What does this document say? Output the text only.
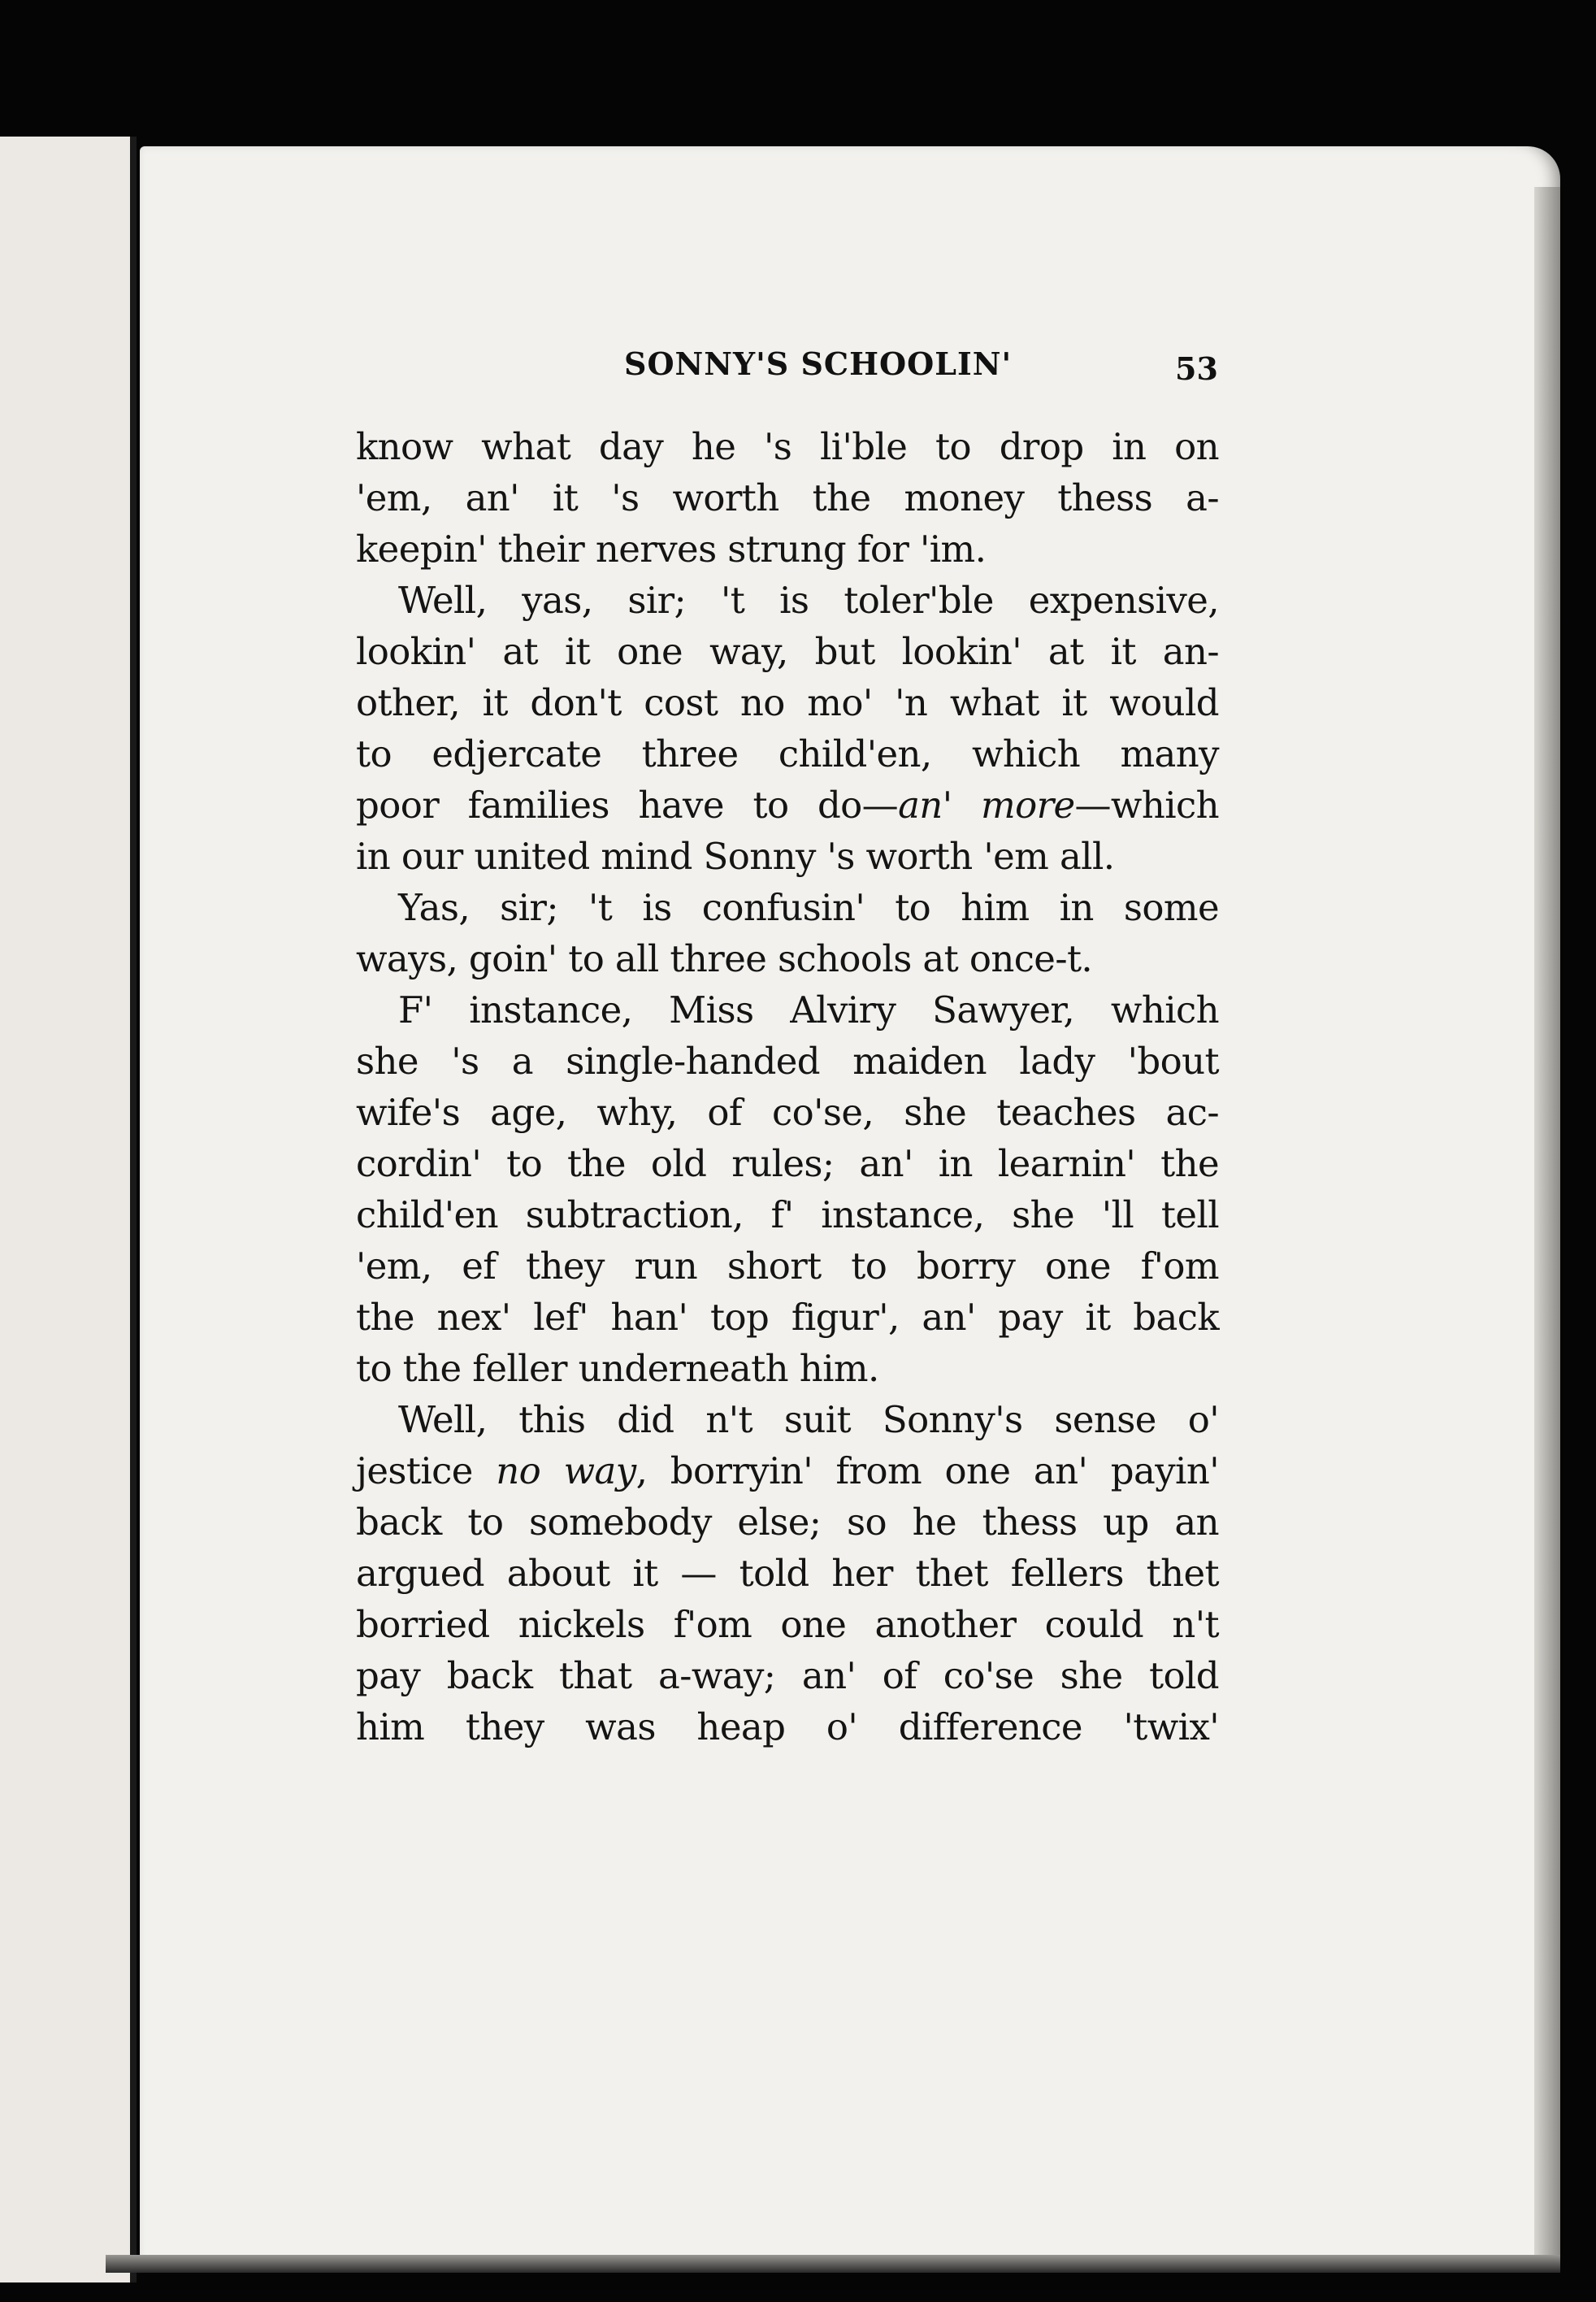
SONNY'S SCHOOLIN'	53
know what day he 's li'ble to drop in on
'em, an' it 's worth the money thess a-
keepin' their nerves strung for 'im.
Well, yas, sir; 't is toler'ble expensive,
lookin' at it one way, but lookin' at it an-
other, it don't cost no mo' 'n what it would
to edjercate three child'en, which many
poor families have to do—an' more—which
in our united mind Sonny 's worth 'em all.
Yas, sir; 't is confusin' to him in some
ways, goin' to all three schools at once-t.
F' instance, Miss Alviry Sawyer, which
she 's a single-handed maiden lady 'bout
wife's age, why, of co'se, she teaches ac-
cordin' to the old rules; an' in learnin' the
child'en subtraction, f' instance, she 'll tell
'em, ef they run short to borry one f'om
the nex' lef' han' top figur', an' pay it back
to the feller underneath him.
Well, this did n't suit Sonny's sense o'
jestice no way, borryin' from one an' payin'
back to somebody else; so he thess up an
argued about it — told her thet fellers thet
borried nickels f'om one another could n't
pay back that a-way; an' of co'se she told
him they was heap o' difference 'twix'
